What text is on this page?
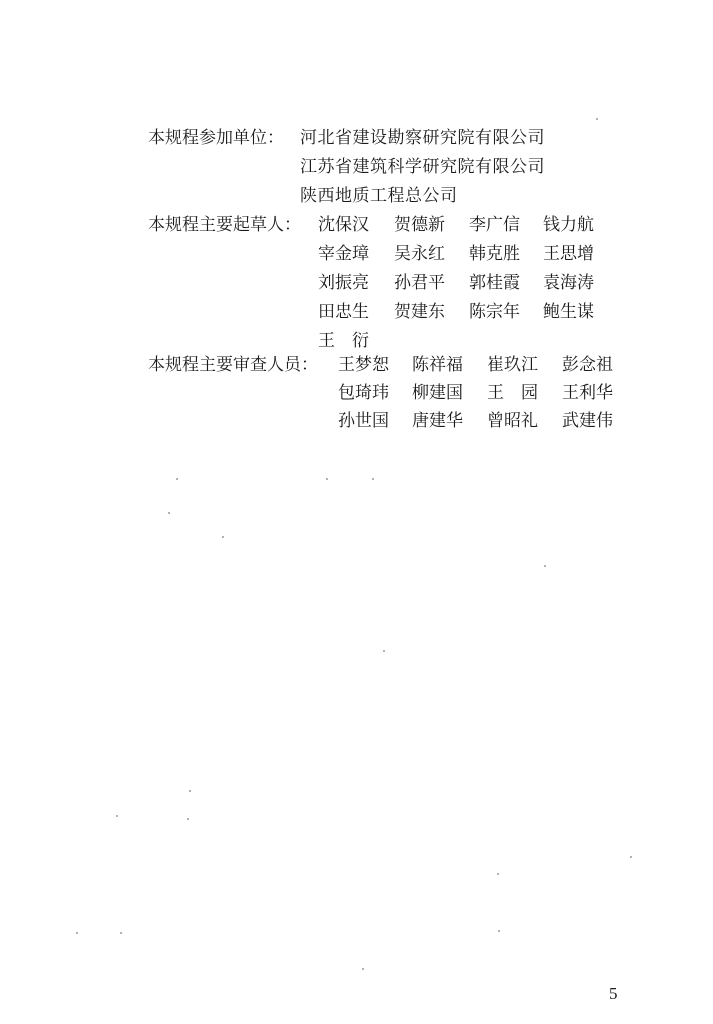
本规程参加单位： 河北省建设勘察研究院有限公司
江苏省建筑科学研究院有限公司
陕西地质工程总公司
本规程主要起草人： 沈保汉 贺德新 李广信 钱力航
宰金璋 吴永红 韩克胜 王思增
刘振亮 孙君平 郭桂霞 袁海涛
田忠生 贺建东 陈宗年 鲍生谋
王　衍
本规程主要审查人员： 王梦恕 陈祥福 崔玖江 彭念祖
包琦玮 柳建国 王　园 王利华
孙世国 唐建华 曾昭礼 武建伟
5
